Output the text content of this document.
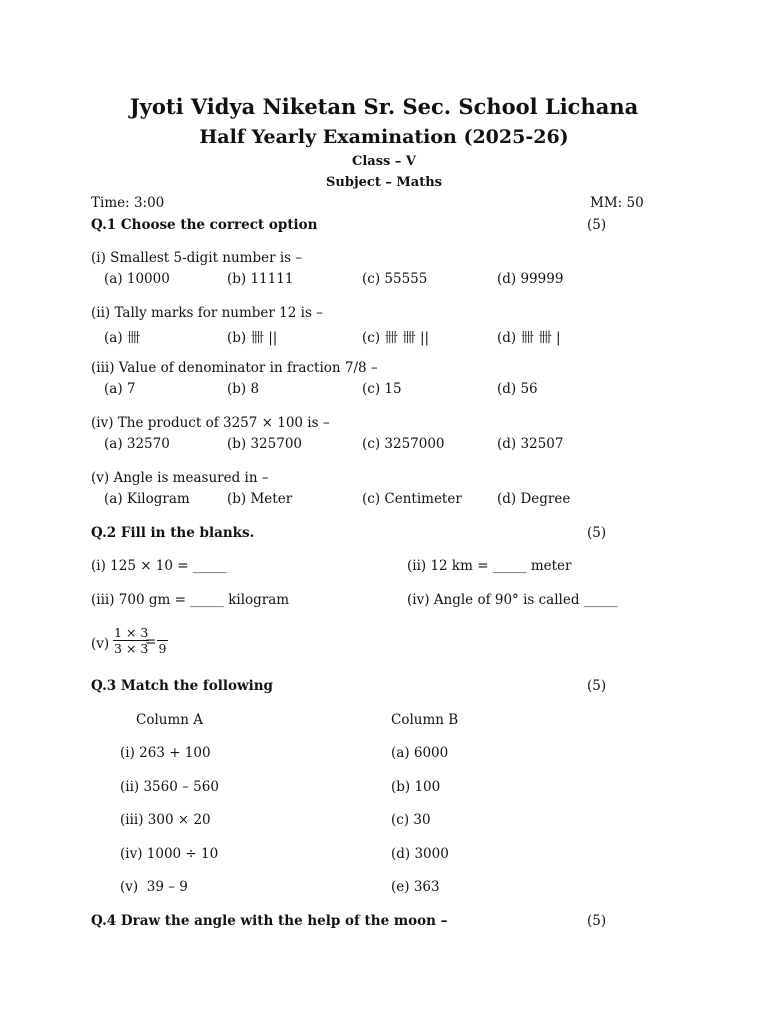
Jyoti Vidya Niketan Sr. Sec. School Lichana
Half Yearly Examination (2025-26)
Class – V
Subject – Maths
Time: 3:00	MM: 50
Q.1 Choose the correct option	(5)
(i) Smallest 5-digit number is –
(a) 10000	(b) 11111	(c) 55555	(d) 99999
(ii) Tally marks for number 12 is –
(a) 卌	(b) 卌 ||	(c) 卌 卌 ||	(d) 卌 卌 |
(iii) Value of denominator in fraction 7/8 –
(a) 7	(b) 8	(c) 15	(d) 56
(iv) The product of 3257 × 100 is –
(a) 32570	(b) 325700	(c) 3257000	(d) 32507
(v) Angle is measured in –
(a) Kilogram	(b) Meter	(c) Centimeter	(d) Degree
Q.2 Fill in the blanks.	(5)
(i) 125 × 10 = _____	(ii) 12 km = _____ meter
(iii) 700 gm = _____ kilogram	(iv) Angle of 90° is called _____
$(v) \frac{1 \times 3}{3 \times 3}$
=
9
Q.3 Match the following	(5)
Column A	Column B
(i) 263 + 100	(a) 6000
(ii) 3560 – 560	(b) 100
(iii) 300 × 20	(c) 30
(iv) 1000 ÷ 10	(d) 3000
(v)  39 – 9	(e) 363
Q.4 Draw the angle with the help of the moon –	(5)
